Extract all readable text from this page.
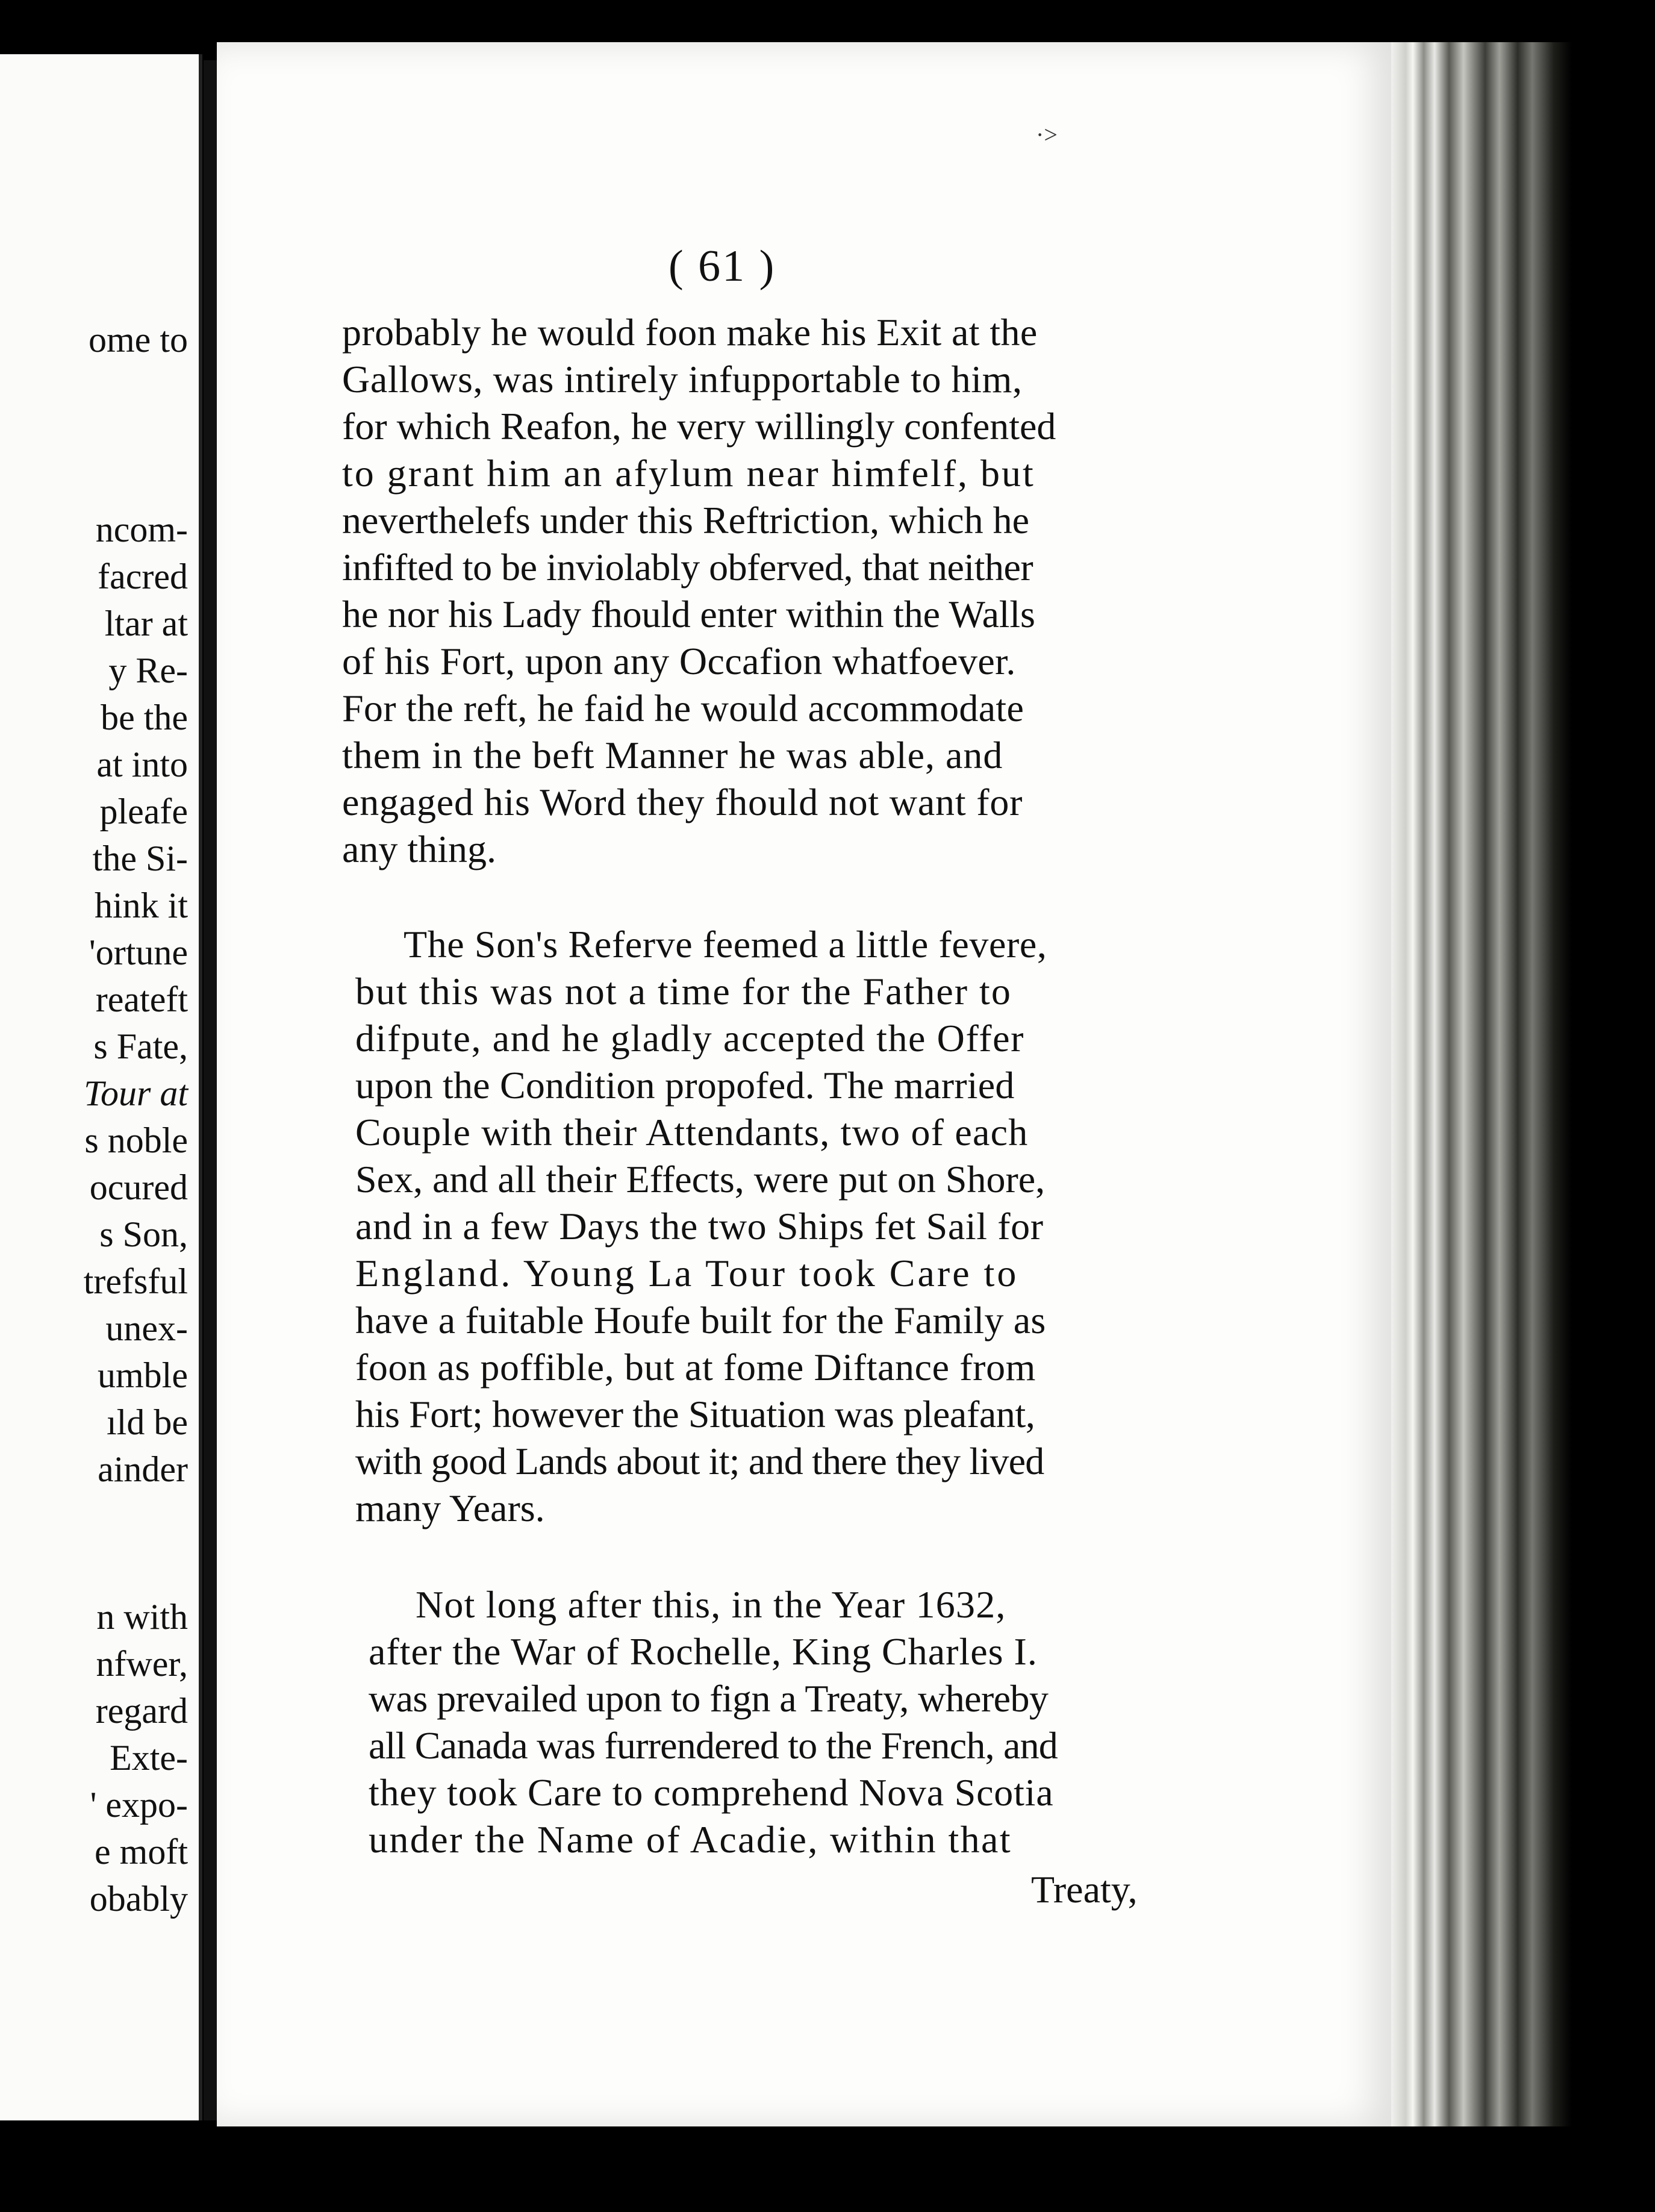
ome to
ncom-
facred
ltar at
y Re-
be the
at into
pleafe
the Si-
hink it
'ortune
reateft
s Fate,
Tour at
s noble
ocured
s Son,
trefsful
unex-
umble
ıld be
ainder
n with
nfwer,
regard
Exte-
' expo-
e moft
obably
·˃
( 61 )
probably he would foon make his Exit at the
Gallows, was intirely infupportable to him,
for which Reafon, he very willingly confented
to grant him an afylum near himfelf, but
neverthelefs under this Reftriction, which he
infifted to be inviolably obferved, that neither
he nor his Lady fhould enter within the Walls
of his Fort, upon any Occafion whatfoever.
For the reft, he faid he would accommodate
them in the beft Manner he was able, and
engaged his Word they fhould not want for
any thing.
The Son's Referve feemed a little fevere,
but this was not a time for the Father to
difpute, and he gladly accepted the Offer
upon the Condition propofed. The married
Couple with their Attendants, two of each
Sex, and all their Effects, were put on Shore,
and in a few Days the two Ships fet Sail for
England. Young La Tour took Care to
have a fuitable Houfe built for the Family as
foon as poffible, but at fome Diftance from
his Fort; however the Situation was pleafant,
with good Lands about it; and there they lived
many Years.
Not long after this, in the Year 1632,
after the War of Rochelle, King Charles I.
was prevailed upon to fign a Treaty, whereby
all Canada was furrendered to the French, and
they took Care to comprehend Nova Scotia
under the Name of Acadie, within that
Treaty,
